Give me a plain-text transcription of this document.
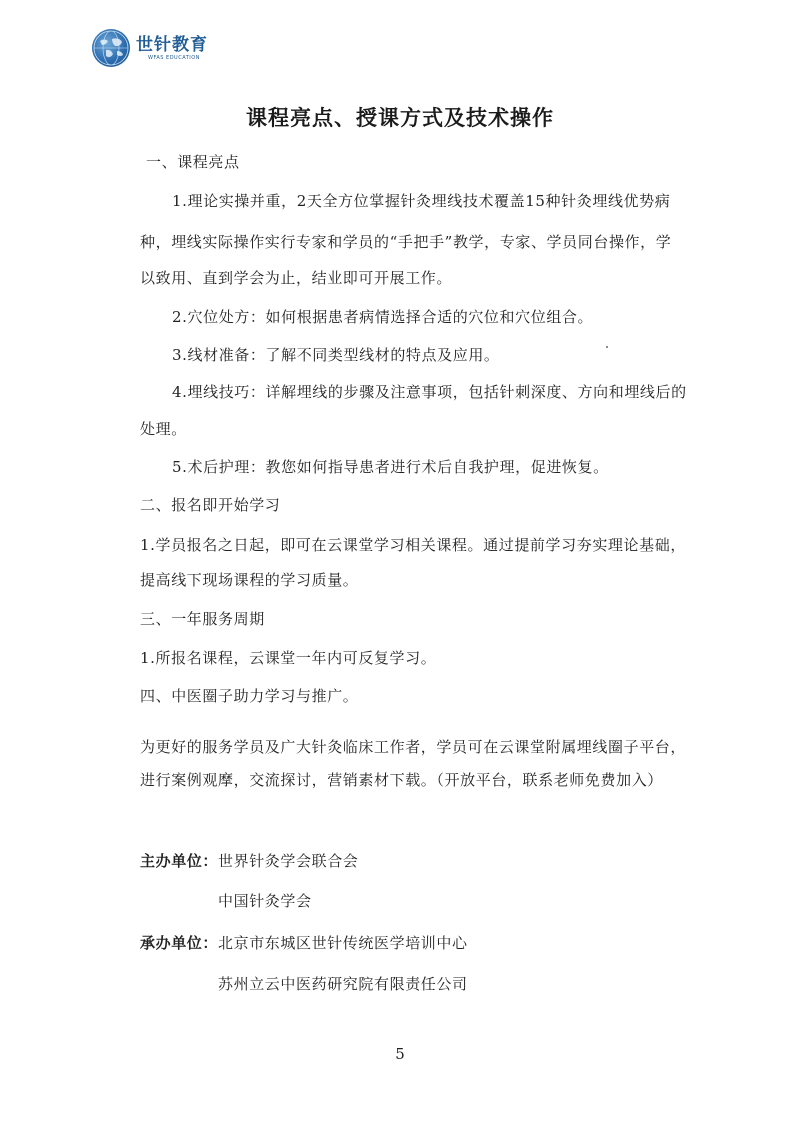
世针教育
WFAS EDUCATION
课程亮点、授课方式及技术操作
一、课程亮点
1.理论实操并重，2天全方位掌握针灸埋线技术覆盖15种针灸埋线优势病
种，埋线实际操作实行专家和学员的“手把手”教学，专家、学员同台操作，学
以致用、直到学会为止，结业即可开展工作。
2.穴位处方：如何根据患者病情选择合适的穴位和穴位组合。
3.线材准备：了解不同类型线材的特点及应用。
4.埋线技巧：详解埋线的步骤及注意事项，包括针刺深度、方向和埋线后的
处理。
5.术后护理：教您如何指导患者进行术后自我护理，促进恢复。
二、报名即开始学习
1.学员报名之日起，即可在云课堂学习相关课程。通过提前学习夯实理论基础，
提高线下现场课程的学习质量。
三、一年服务周期
1.所报名课程，云课堂一年内可反复学习。
四、中医圈子助力学习与推广。
为更好的服务学员及广大针灸临床工作者，学员可在云课堂附属埋线圈子平台，
进行案例观摩，交流探讨，营销素材下载。（开放平台，联系老师免费加入）
主办单位： 世界针灸学会联合会
中国针灸学会
承办单位： 北京市东城区世针传统医学培训中心
苏州立云中医药研究院有限责任公司
5
